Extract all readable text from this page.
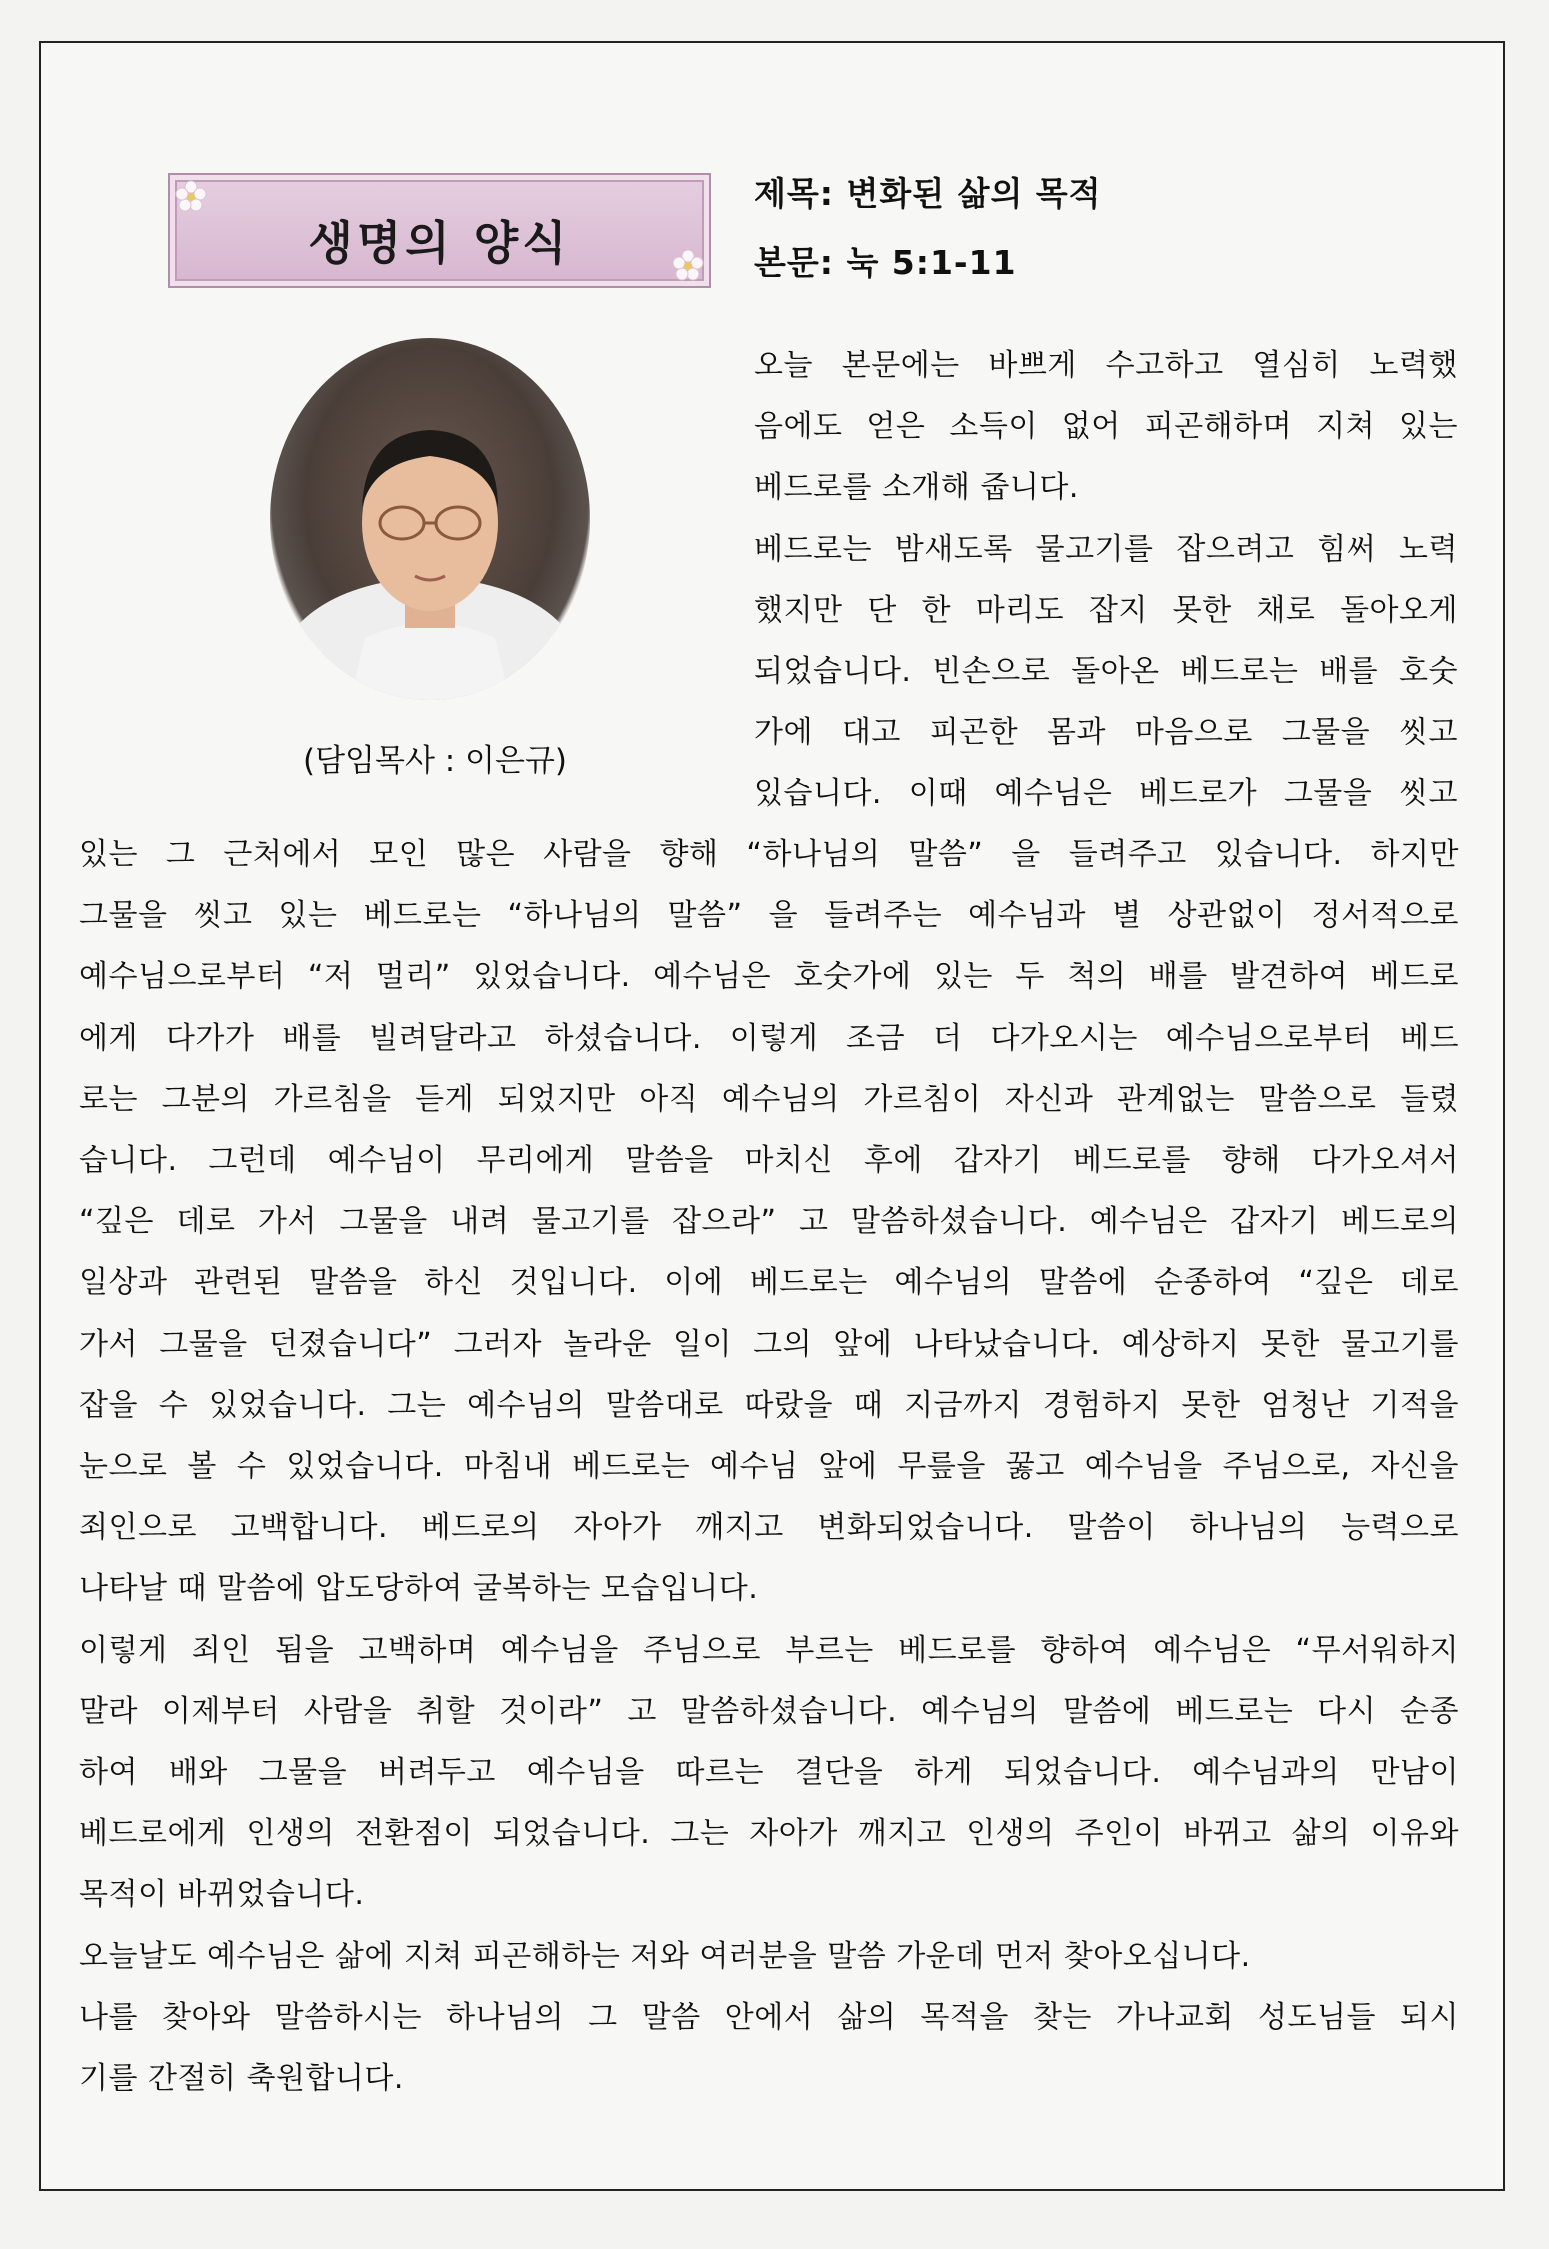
생명의 양식
제목: 변화된 삶의 목적
본문: 눅 5:1-11
(담임목사 : 이은규)
오늘 본문에는 바쁘게 수고하고 열심히 노력했
음에도 얻은 소득이 없어 피곤해하며 지쳐 있는
베드로를 소개해 줍니다.
베드로는 밤새도록 물고기를 잡으려고 힘써 노력
했지만 단 한 마리도 잡지 못한 채로 돌아오게
되었습니다. 빈손으로 돌아온 베드로는 배를 호숫
가에 대고 피곤한 몸과 마음으로 그물을 씻고
있습니다. 이때 예수님은 베드로가 그물을 씻고
있는 그 근처에서 모인 많은 사람을 향해 “하나님의 말씀” 을 들려주고 있습니다. 하지만
그물을 씻고 있는 베드로는 “하나님의 말씀” 을 들려주는 예수님과 별 상관없이 정서적으로
예수님으로부터 “저 멀리” 있었습니다. 예수님은 호숫가에 있는 두 척의 배를 발견하여 베드로
에게 다가가 배를 빌려달라고 하셨습니다. 이렇게 조금 더 다가오시는 예수님으로부터 베드
로는 그분의 가르침을 듣게 되었지만 아직 예수님의 가르침이 자신과 관계없는 말씀으로 들렸
습니다. 그런데 예수님이 무리에게 말씀을 마치신 후에 갑자기 베드로를 향해 다가오셔서
“깊은 데로 가서 그물을 내려 물고기를 잡으라” 고 말씀하셨습니다. 예수님은 갑자기 베드로의
일상과 관련된 말씀을 하신 것입니다. 이에 베드로는 예수님의 말씀에 순종하여 “깊은 데로
가서 그물을 던졌습니다” 그러자 놀라운 일이 그의 앞에 나타났습니다. 예상하지 못한 물고기를
잡을 수 있었습니다. 그는 예수님의 말씀대로 따랐을 때 지금까지 경험하지 못한 엄청난 기적을
눈으로 볼 수 있었습니다. 마침내 베드로는 예수님 앞에 무릎을 꿇고 예수님을 주님으로, 자신을
죄인으로 고백합니다. 베드로의 자아가 깨지고 변화되었습니다. 말씀이 하나님의 능력으로
나타날 때 말씀에 압도당하여 굴복하는 모습입니다.
이렇게 죄인 됨을 고백하며 예수님을 주님으로 부르는 베드로를 향하여 예수님은 “무서워하지
말라 이제부터 사람을 취할 것이라” 고 말씀하셨습니다. 예수님의 말씀에 베드로는 다시 순종
하여 배와 그물을 버려두고 예수님을 따르는 결단을 하게 되었습니다. 예수님과의 만남이
베드로에게 인생의 전환점이 되었습니다. 그는 자아가 깨지고 인생의 주인이 바뀌고 삶의 이유와
목적이 바뀌었습니다.
오늘날도 예수님은 삶에 지쳐 피곤해하는 저와 여러분을 말씀 가운데 먼저 찾아오십니다.
나를 찾아와 말씀하시는 하나님의 그 말씀 안에서 삶의 목적을 찾는 가나교회 성도님들 되시
기를 간절히 축원합니다.
